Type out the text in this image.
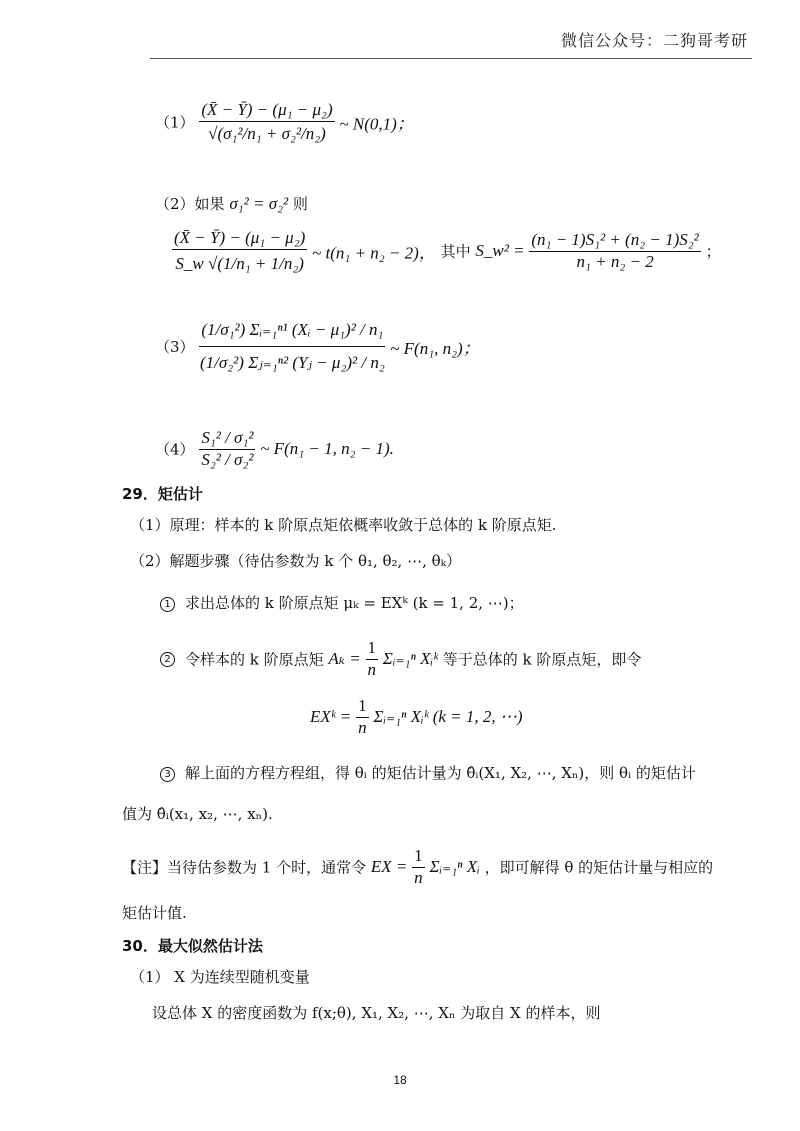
微信公众号：二狗哥考研
$(1) \frac{\text{(X̄ − Ȳ) − (μ₁ − μ₂)}}{\text{√(σ₁²/n₁ + σ₂²/n₂)}}$ ~ N(0,1)；
（2）如果 σ₁² = σ₂² 则
$\frac{\text{(X̄ − Ȳ) − (μ₁ − μ₂)}}{\text{S\_w √(1/n₁ + 1/n₂)}}$ ~ t(n₁ + n₂ − 2)， 其中 S_w² = $\frac{\text{(n₁ − 1)S₁² + (n₂ − 1)S₂²}}{\text{n₁ + n₂ − 2}}$ ；
$(3) \frac{\text{(1/σ₁²) Σᵢ₌₁ⁿ¹ (Xᵢ − μ₁)² / n₁}}{\text{(1/σ₂²) Σⱼ₌₁ⁿ² (Yⱼ − μ₂)² / n₂}}$ ~ F(n₁, n₂)；
$(4) \frac{\text{S₁² / σ₁²}}{\text{S₂² / σ₂²}}$ ~ F(n₁ − 1, n₂ − 1).
29．矩估计
（1）原理：样本的 k 阶原点矩依概率收敛于总体的 k 阶原点矩.
（2）解题步骤（待估参数为 k 个 θ₁, θ₂, ⋯, θₖ）
1 求出总体的 k 阶原点矩 μₖ = EXᵏ (k = 1, 2, ⋯)；
2 令样本的 k 阶原点矩 $A_k = \frac{1}{n}$ Σᵢ₌₁ⁿ Xᵢᵏ 等于总体的 k 阶原点矩，即令
EXᵏ = $\frac{1}{n}$ Σᵢ₌₁ⁿ Xᵢᵏ (k = 1, 2, ⋯)
3 解上面的方程方程组，得 θᵢ 的矩估计量为 θ̂ᵢ(X₁, X₂, ⋯, Xₙ)，则 θᵢ 的矩估计
值为 θ̂ᵢ(x₁, x₂, ⋯, xₙ).
【注】当待估参数为 1 个时，通常令 EX = $\frac{1}{n}$ Σᵢ₌₁ⁿ Xᵢ ，即可解得 θ 的矩估计量与相应的
矩估计值.
30．最大似然估计法
（1） X 为连续型随机变量
设总体 X 的密度函数为 f(x;θ), X₁, X₂, ⋯, Xₙ 为取自 X 的样本，则
18
